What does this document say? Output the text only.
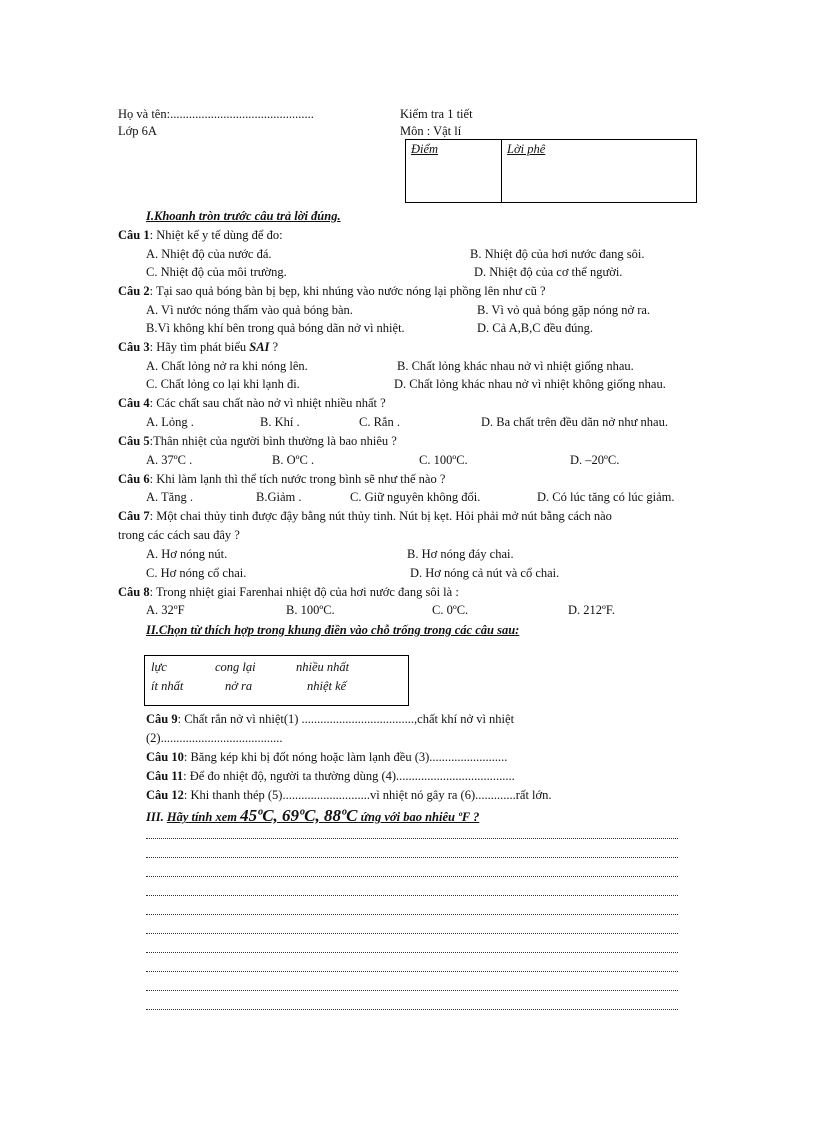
Họ và tên:..............................................
Lớp 6A
Kiểm tra 1 tiết
Môn : Vật lí
Điểm	Lời phê
I.Khoanh tròn trước câu trả lời đúng.
Câu 1: Nhiệt kế y tế dùng để đo:
A. Nhiệt độ của nước đá.	B. Nhiệt độ của hơi nước đang sôi.
C. Nhiệt độ của môi trường.	D. Nhiệt độ của cơ thể người.
Câu 2: Tại sao quả bóng bàn bị bẹp, khi nhúng vào nước nóng lại phồng lên như cũ ?
A. Vì nước nóng thấm vào quả bóng bàn.	B. Vì vỏ quả bóng gặp nóng nở ra.
B.Vì không khí bên trong quả bóng dãn nở vì nhiệt.	D. Cả A,B,C đều đúng.
Câu 3: Hãy tìm phát biểu SAI ?
A. Chất lỏng nở ra khi nóng lên.	B. Chất lỏng khác nhau nở vì nhiệt giống nhau.
C. Chất lỏng co lại khi lạnh đi.	D. Chất lỏng khác nhau nở vì nhiệt không giống nhau.
Câu 4: Các chất sau chất nào nở vì nhiệt nhiều nhất ?
A. Lỏng .	B. Khí .	C. Rắn .	D. Ba chất trên đều dãn nở như nhau.
Câu 5:Thân nhiệt của người bình thường là bao nhiêu ?
A. 37ºC .	B. OºC .	C. 100ºC.	D. –20ºC.
Câu 6: Khi làm lạnh thì thể tích nước trong bình sẽ như thế nào ?
A. Tăng .	B.Giảm .	C. Giữ nguyên không đổi.	D. Có lúc tăng có lúc giảm.
Câu 7: Một chai thủy tinh được đậy bằng nút thủy tinh. Nút bị kẹt. Hỏi phải mở nút bằng cách nào
trong các cách sau đây ?
A. Hơ nóng nút.	B. Hơ nóng đáy chai.
C. Hơ nóng cổ chai.	D. Hơ nóng cả nút và cổ chai.
Câu 8: Trong nhiệt giai Farenhai nhiệt độ của hơi nước đang sôi là :
A. 32ºF	B. 100ºC.	C. 0ºC.	D. 212ºF.
II.Chọn từ thích hợp trong khung điền vào chỗ trống trong các câu sau:
lực	cong lại	nhiều nhất
ít nhất	nở ra	nhiệt kế
Câu 9: Chất rắn nở vì nhiệt(1) ....................................,chất khí nở vì nhiệt
(2).......................................
Câu 10: Băng kép khi bị đốt nóng hoặc làm lạnh đều (3).........................
Câu 11: Để đo nhiệt độ, người ta thường dùng (4)......................................
Câu 12: Khi thanh thép (5)............................vì nhiệt nó gây ra (6).............rất lớn.
III. Hãy tính xem 45ºC, 69ºC, 88ºC ứng với bao nhiêu ºF ?
